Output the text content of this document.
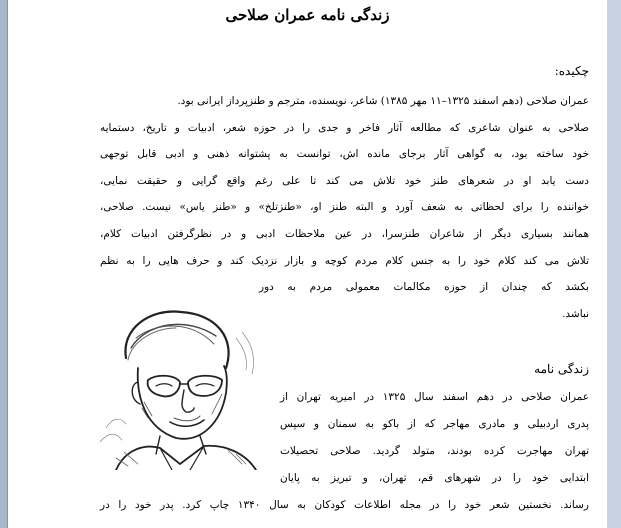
زندگی نامه عمران صلاحی
چکیده:
عمران صلاحی (دهم اسفند ۱۳۲۵–۱۱ مهر ۱۳۸۵) شاعر، نویسنده، مترجم و طنزپرداز ایرانی بود.
صلاحی به عنوان شاعری که مطالعه آثار فاخر و جدی را در حوزه شعر، ادبیات و تاریخ، دستمایه
خود ساخته بود، به گواهی آثار برجای مانده اش، توانست به پشتوانه ذهنی و ادبی قابل توجهی
دست یابد او در شعرهای طنز خود تلاش می کند تا علی رغم واقع گرایی و حقیقت نمایی،
خواننده را برای لحظاتی به شعف آورد و البته طنز او، «طنزتلخ» و «طنز یاس» نیست. صلاحی،
همانند بسیاری دیگر از شاعران طنزسرا، در عین ملاحظات ادبی و در نظرگرفتن ادبیات کلام،
تلاش می کند کلام خود را به جنس کلام مردم کوچه و بازار نزدیک کند و حرف هایی را به نظم
بکشد که چندان از حوزه مکالمات معمولی مردم به دور
نباشد.
زندگی نامه
عمران صلاحی در دهم اسفند سال ۱۳۲۵ در امیریه تهران از
پدری اردبیلی و مادری مهاجر که از باکو به سمنان و سپس
تهران مهاجرت کرده بودند، متولد گردید. صلاحی تحصیلات
ابتدایی خود را در شهرهای قم، تهران، و تبریز به پایان
رساند. نخستین شعر خود را در مجله اطلاعات کودکان به سال ۱۳۴۰ چاپ کرد. پدر خود را در
